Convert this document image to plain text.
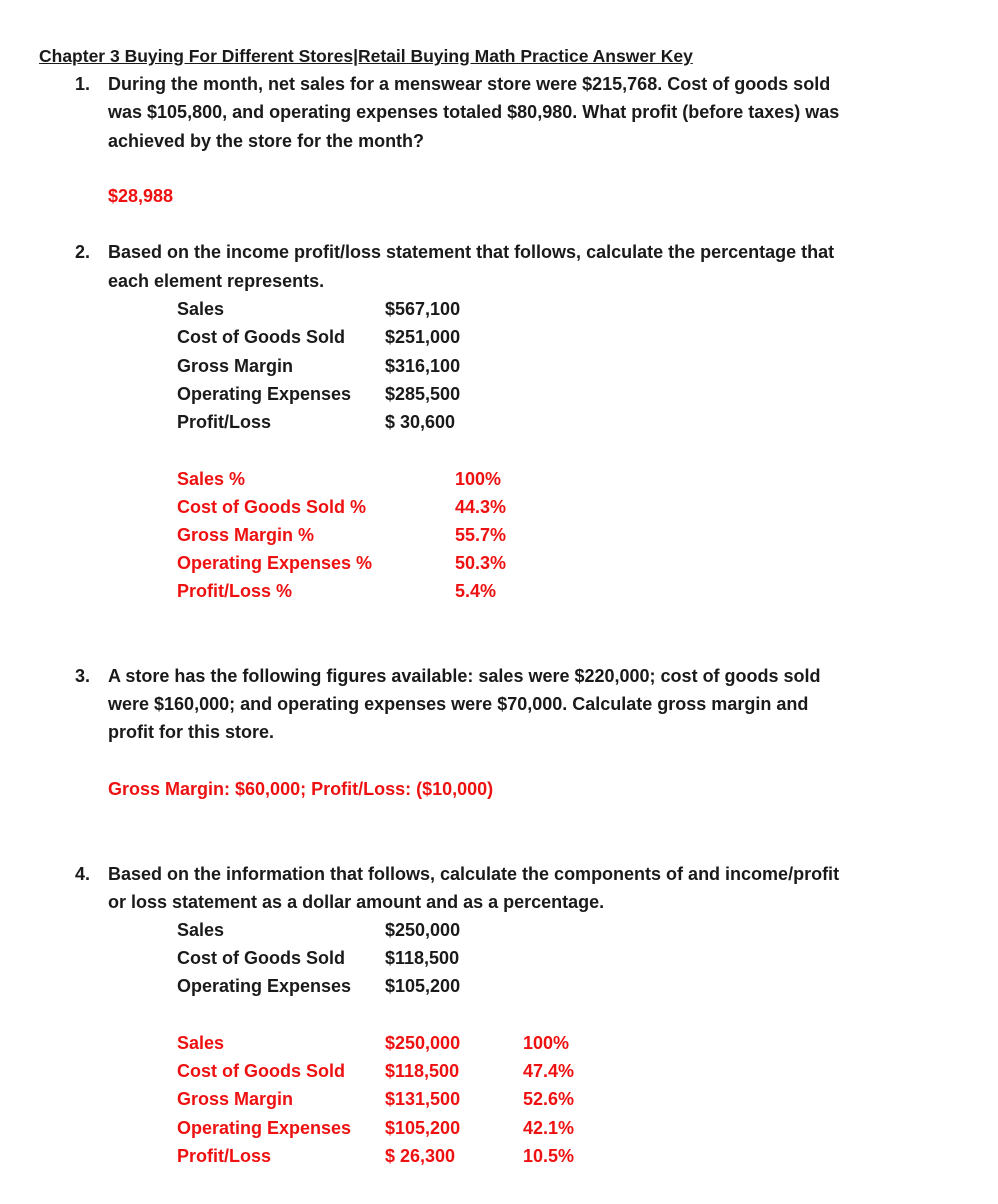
Chapter 3 Buying For Different Stores|Retail Buying Math Practice Answer Key
1. During the month, net sales for a menswear store were $215,768. Cost of goods sold
was $105,800, and operating expenses totaled $80,980. What profit (before taxes) was
achieved by the store for the month?
$28,988
2. Based on the income profit/loss statement that follows, calculate the percentage that
each element represents.
3. A store has the following figures available: sales were $220,000; cost of goods sold
were $160,000; and operating expenses were $70,000. Calculate gross margin and
profit for this store.
Gross Margin: $60,000; Profit/Loss: ($10,000)
4. Based on the information that follows, calculate the components of and income/profit
or loss statement as a dollar amount and as a percentage.
Sales	$567,100
Cost of Goods Sold $251,000
Gross Margin	$316,100
Operating Expenses $285,500
Profit/Loss	$ 30,600
Sales %	100%
Cost of Goods Sold %	44.3%
Gross Margin %	55.7%
Operating Expenses %	50.3%
Profit/Loss %	5.4%
Sales	$250,000
Cost of Goods Sold $118,500
Operating Expenses $105,200
Sales	$250,000	100%
Cost of Goods Sold $118,500	47.4%
Gross Margin	$131,500	52.6%
Operating Expenses $105,200	42.1%
Profit/Loss	$ 26,300	10.5%
